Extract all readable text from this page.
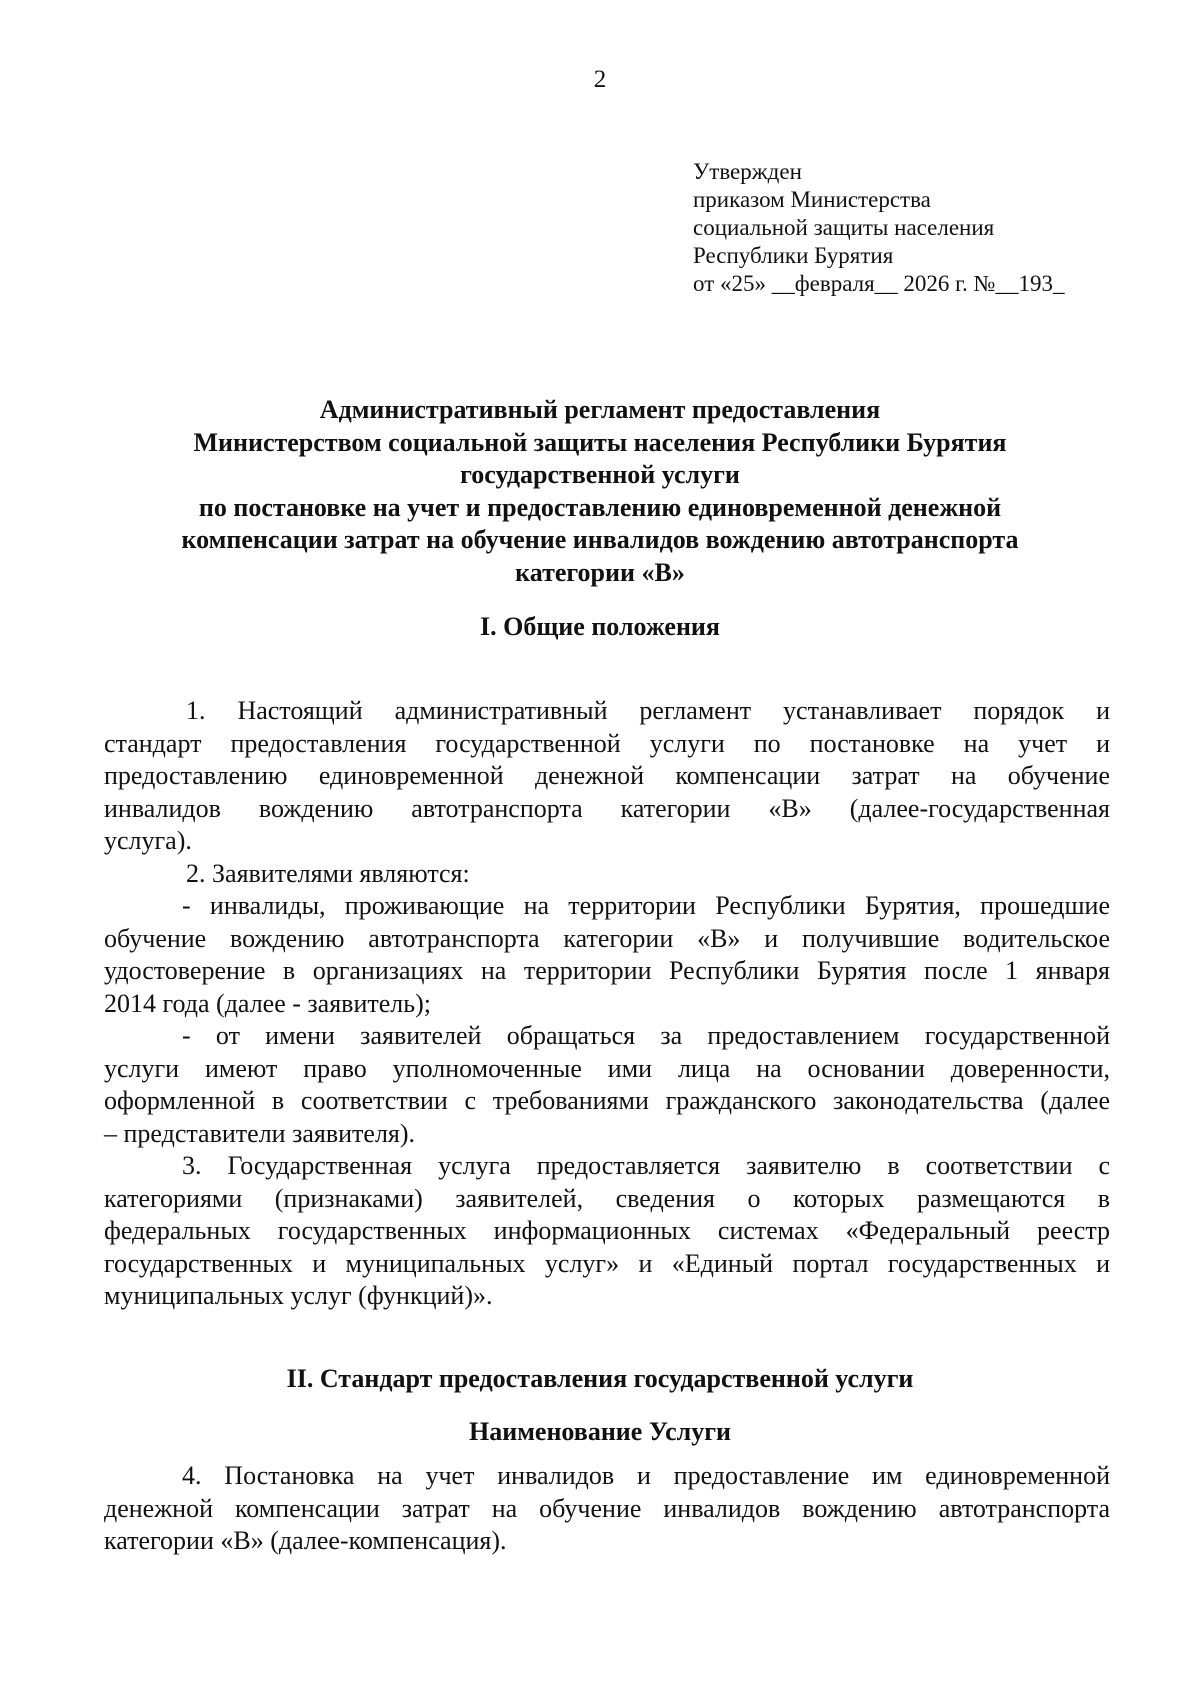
2
Утвержден
приказом Министерства
социальной защиты населения
Республики Бурятия
от «25» __февраля__ 2026 г. №__193_
Административный регламент предоставления
Министерством социальной защиты населения Республики Бурятия
государственной услуги
по постановке на учет и предоставлению единовременной денежной
компенсации затрат на обучение инвалидов вождению автотранспорта
категории «В»
I. Общие положения
1. Настоящий административный регламент устанавливает порядок и
стандарт предоставления государственной услуги по постановке на учет и
предоставлению единовременной денежной компенсации затрат на обучение
инвалидов вождению автотранспорта категории «В» (далее-государственная
услуга).
2. Заявителями являются:
- инвалиды, проживающие на территории Республики Бурятия, прошедшие
обучение вождению автотранспорта категории «В» и получившие водительское
удостоверение в организациях на территории Республики Бурятия после 1 января
2014 года (далее - заявитель);
- от имени заявителей обращаться за предоставлением государственной
услуги имеют право уполномоченные ими лица на основании доверенности,
оформленной в соответствии с требованиями гражданского законодательства (далее
– представители заявителя).
3. Государственная услуга предоставляется заявителю в соответствии с
категориями (признаками) заявителей, сведения о которых размещаются в
федеральных государственных информационных системах «Федеральный реестр
государственных и муниципальных услуг» и «Единый портал государственных и
муниципальных услуг (функций)».
II. Стандарт предоставления государственной услуги
Наименование Услуги
4. Постановка на учет инвалидов и предоставление им единовременной
денежной компенсации затрат на обучение инвалидов вождению автотранспорта
категории «В» (далее-компенсация).
